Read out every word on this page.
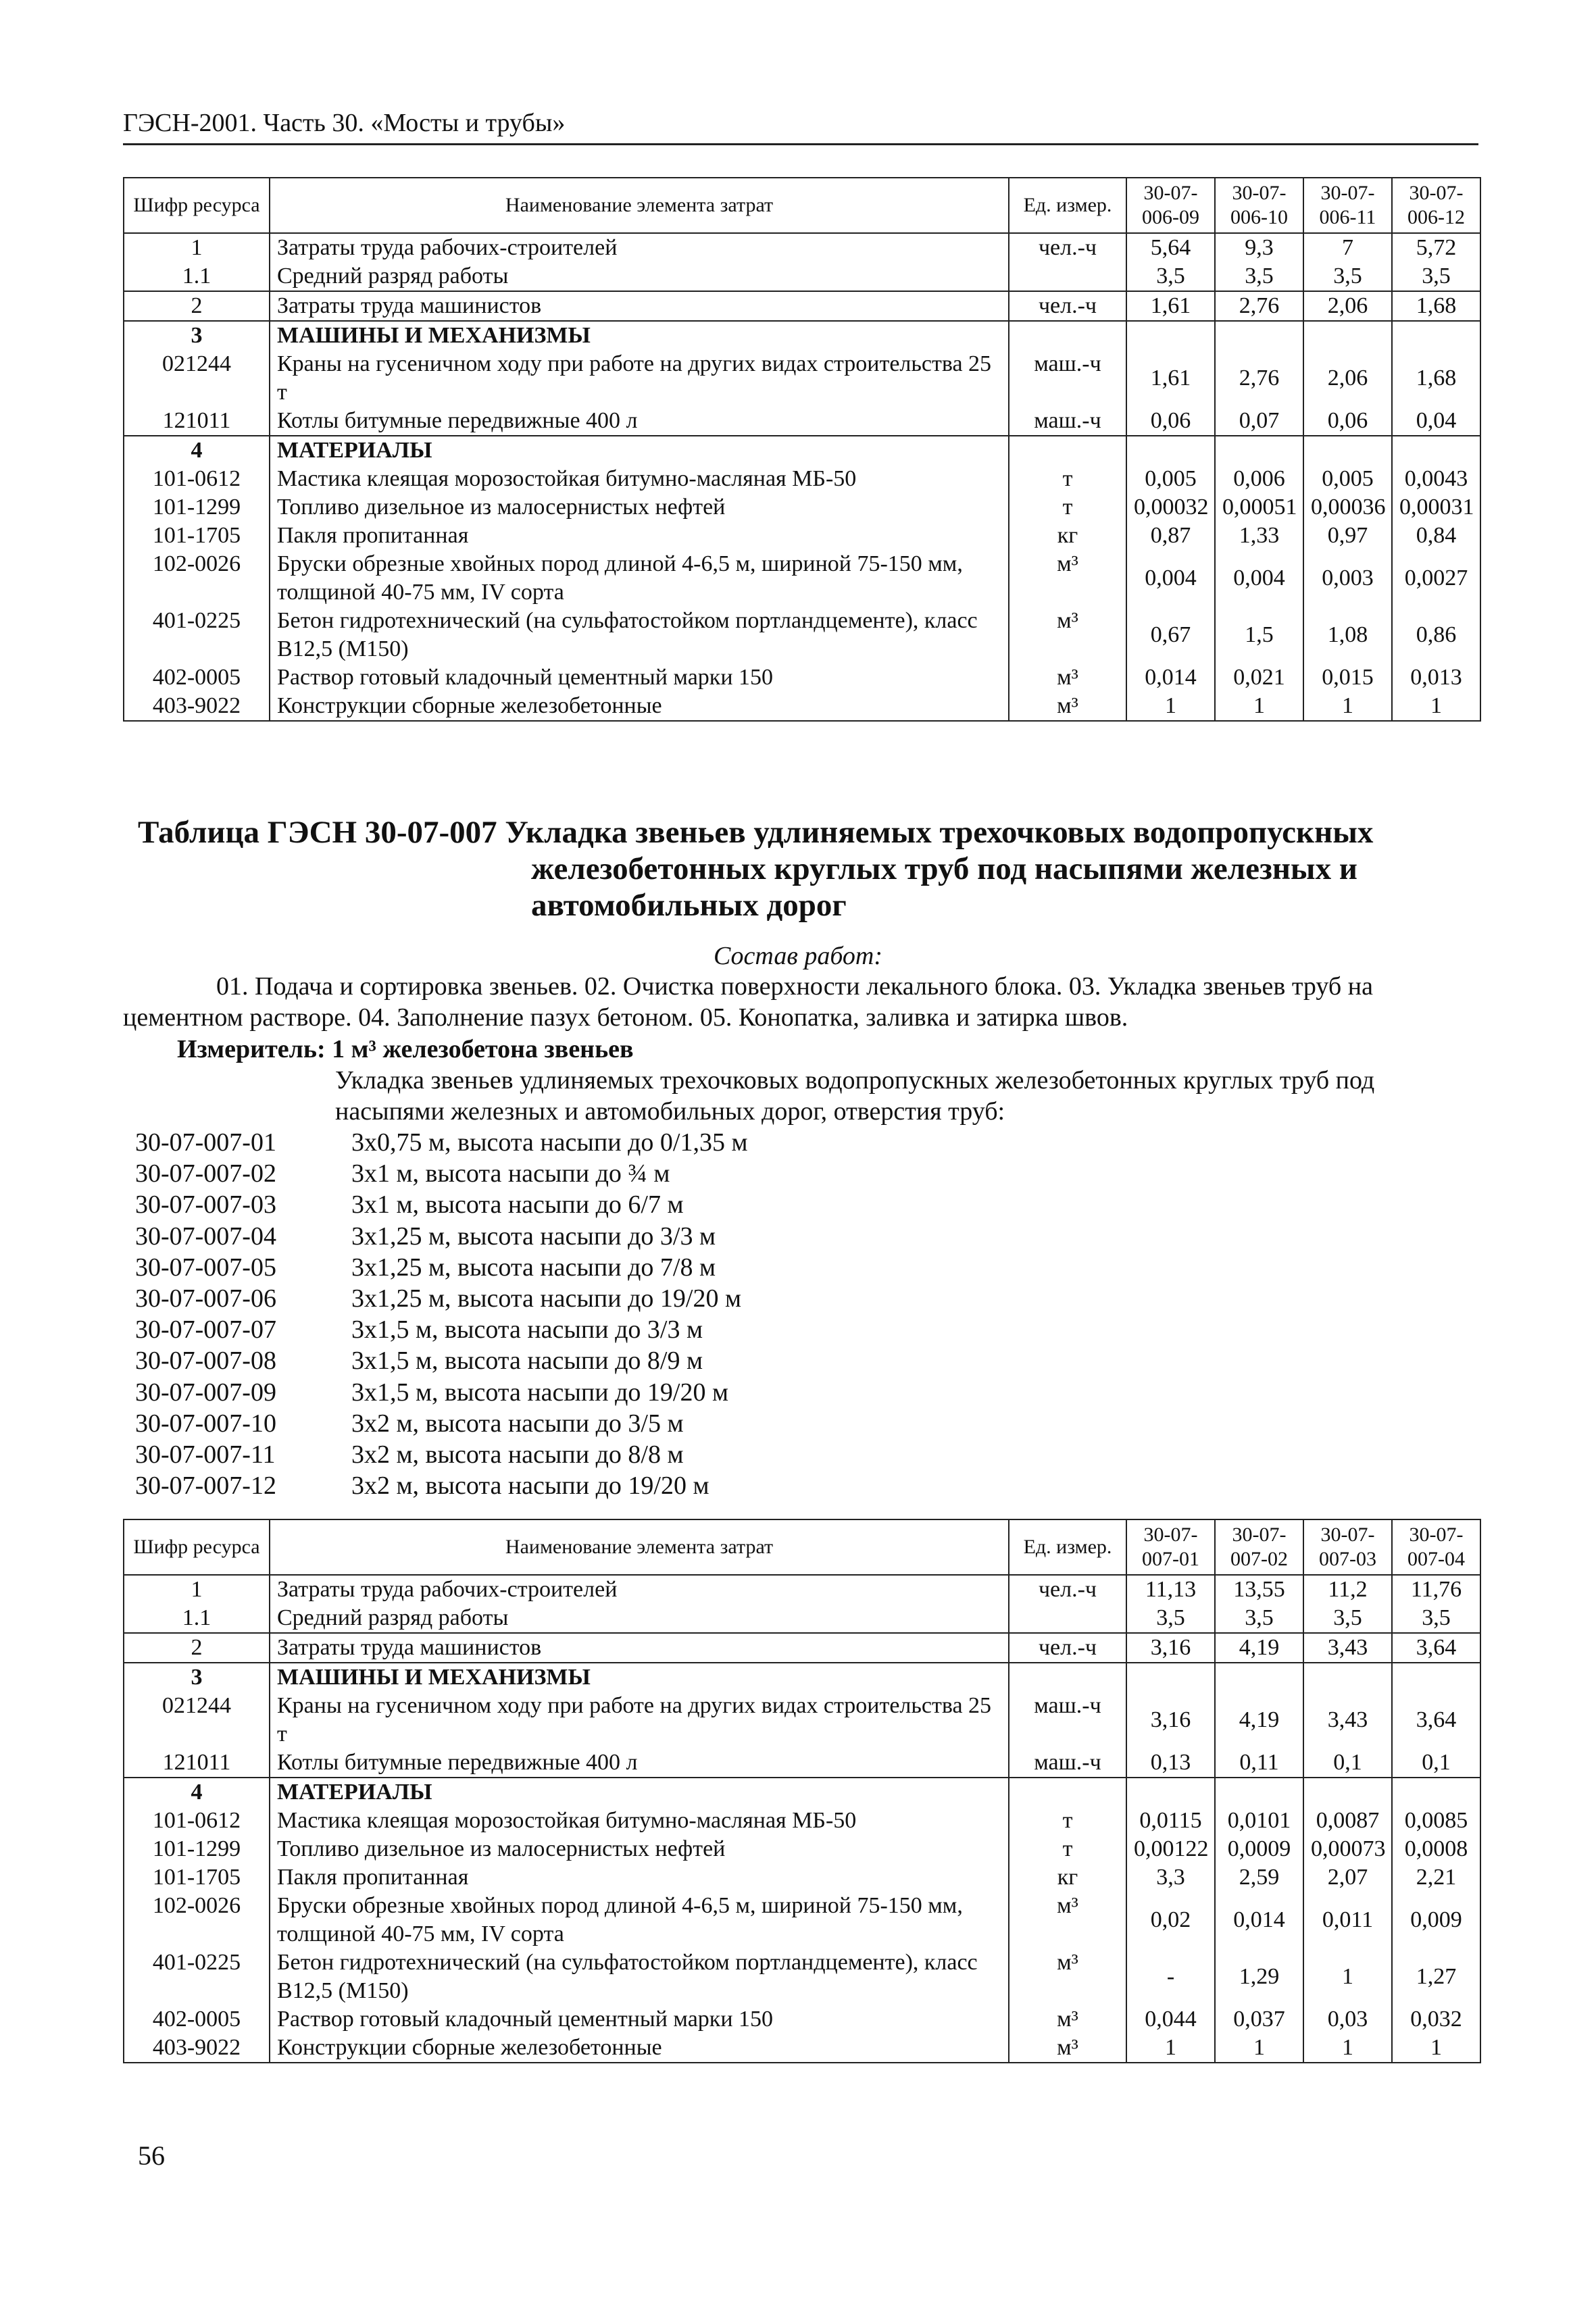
ГЭСН-2001. Часть 30. «Мосты и трубы»
Шифр ресурса	Наименование элемента затрат	Ед. измер.	30-07-006-09	30-07-006-10	30-07-006-11	30-07-006-12
1	Затраты труда рабочих-строителей	чел.-ч	5,64	9,3	7	5,72
1.1	Средний разряд работы		3,5	3,5	3,5	3,5
2	Затраты труда машинистов	чел.-ч	1,61	2,76	2,06	1,68
3	МАШИНЫ И МЕХАНИЗМЫ					
021244	Краны на гусеничном ходу при работе на других видах строительства 25 т	маш.-ч	1,61	2,76	2,06	1,68
121011	Котлы битумные передвижные 400 л	маш.-ч	0,06	0,07	0,06	0,04
4	МАТЕРИАЛЫ					
101-0612	Мастика клеящая морозостойкая битумно-масляная МБ-50	т	0,005	0,006	0,005	0,0043
101-1299	Топливо дизельное из малосернистых нефтей	т	0,00032	0,00051	0,00036	0,00031
101-1705	Пакля пропитанная	кг	0,87	1,33	0,97	0,84
102-0026	Бруски обрезные хвойных пород длиной 4-6,5 м, шириной 75-150 мм, толщиной 40-75 мм, IV сорта	м³	0,004	0,004	0,003	0,0027
401-0225	Бетон гидротехнический (на сульфатостойком портландцементе), класс В12,5 (М150)	м³	0,67	1,5	1,08	0,86
402-0005	Раствор готовый кладочный цементный марки 150	м³	0,014	0,021	0,015	0,013
403-9022	Конструкции сборные железобетонные	м³	1	1	1	1
Таблица ГЭСН 30-07-007 Укладка звеньев удлиняемых трехочковых водопропускных
железобетонных круглых труб под насыпями железных и
автомобильных дорог
Состав работ:
01. Подача и сортировка звеньев. 02. Очистка поверхности лекального блока. 03. Укладка звеньев труб на цементном растворе. 04. Заполнение пазух бетоном. 05. Конопатка, заливка и затирка швов.
Измеритель: 1 м³ железобетона звеньев
Укладка звеньев удлиняемых трехочковых водопропускных железобетонных круглых труб под насыпями железных и автомобильных дорог, отверстия труб:
30-07-007-01	3х0,75 м, высота насыпи до 0/1,35 м
30-07-007-02	3х1 м, высота насыпи до ¾ м
30-07-007-03	3х1 м, высота насыпи до 6/7 м
30-07-007-04	3х1,25 м, высота насыпи до 3/3 м
30-07-007-05	3х1,25 м, высота насыпи до 7/8 м
30-07-007-06	3х1,25 м, высота насыпи до 19/20 м
30-07-007-07	3х1,5 м, высота насыпи до 3/3 м
30-07-007-08	3х1,5 м, высота насыпи до 8/9 м
30-07-007-09	3х1,5 м, высота насыпи до 19/20 м
30-07-007-10	3х2 м, высота насыпи до 3/5 м
30-07-007-11	3х2 м, высота насыпи до 8/8 м
30-07-007-12	3х2 м, высота насыпи до 19/20 м
Шифр ресурса	Наименование элемента затрат	Ед. измер.	30-07-007-01	30-07-007-02	30-07-007-03	30-07-007-04
1	Затраты труда рабочих-строителей	чел.-ч	11,13	13,55	11,2	11,76
1.1	Средний разряд работы		3,5	3,5	3,5	3,5
2	Затраты труда машинистов	чел.-ч	3,16	4,19	3,43	3,64
3	МАШИНЫ И МЕХАНИЗМЫ					
021244	Краны на гусеничном ходу при работе на других видах строительства 25 т	маш.-ч	3,16	4,19	3,43	3,64
121011	Котлы битумные передвижные 400 л	маш.-ч	0,13	0,11	0,1	0,1
4	МАТЕРИАЛЫ					
101-0612	Мастика клеящая морозостойкая битумно-масляная МБ-50	т	0,0115	0,0101	0,0087	0,0085
101-1299	Топливо дизельное из малосернистых нефтей	т	0,00122	0,0009	0,00073	0,0008
101-1705	Пакля пропитанная	кг	3,3	2,59	2,07	2,21
102-0026	Бруски обрезные хвойных пород длиной 4-6,5 м, шириной 75-150 мм, толщиной 40-75 мм, IV сорта	м³	0,02	0,014	0,011	0,009
401-0225	Бетон гидротехнический (на сульфатостойком портландцементе), класс В12,5 (М150)	м³	-	1,29	1	1,27
402-0005	Раствор готовый кладочный цементный марки 150	м³	0,044	0,037	0,03	0,032
403-9022	Конструкции сборные железобетонные	м³	1	1	1	1
56
